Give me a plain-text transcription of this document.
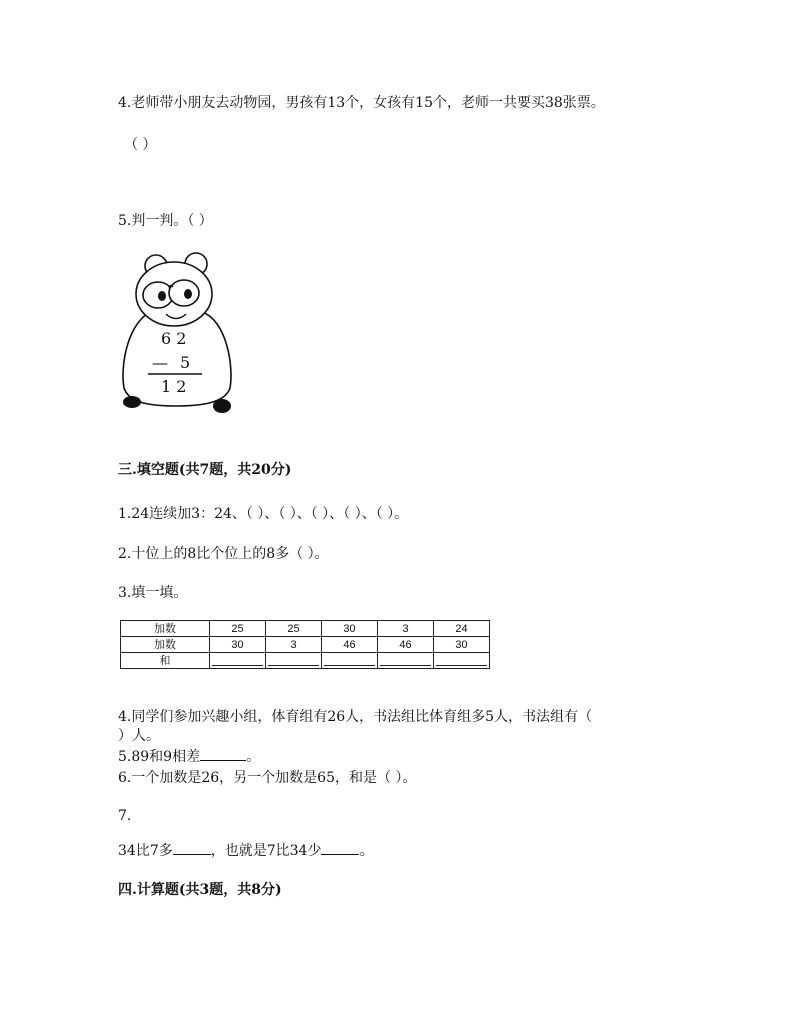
4.老师带小朋友去动物园，男孩有13个，女孩有15个，老师一共要买38张票。
（ ）
5.判一判。（ ）
6 2
— 5
1 2
三.填空题(共7题，共20分)
1.24连续加3：24、（ ）、（ ）、（ ）、（ ）、（ ）。
2.十位上的8比个位上的8多（ ）。
3.填一填。
加数	25	25	30	3	24
加数	30	3	46	46	30
和					
4.同学们参加兴趣小组，体育组有26人，书法组比体育组多5人，书法组有（
）人。
5.89和9相差	。
6.一个加数是26，另一个加数是65，和是（ ）。
7.
34比7多	，也就是7比34少	。
四.计算题(共3题，共8分)
